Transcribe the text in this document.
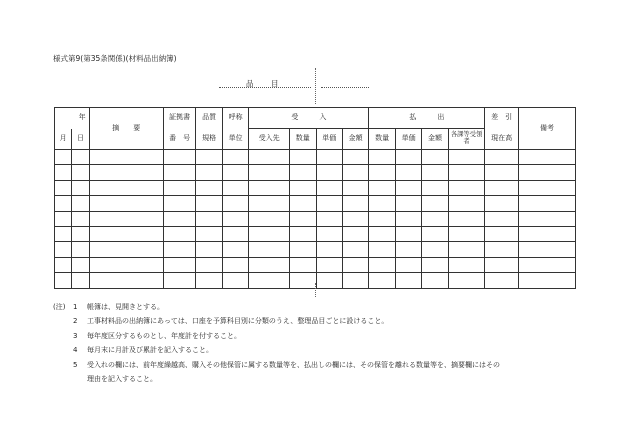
様式第9(第35条関係)(材料品出納簿)
品　目
年		摘　　要	証拠書	品質	呼称	受　　　入				払　　　出				差　引	備考
月	日		番　号	規格	単位	受入先	数量	単価	金額	数量	単価	金額	各課等受領者	現在高	

(注)	1	帳簿は、見開きとする。
2	工事材料品の出納簿にあっては、口座を予算科目別に分類のうえ、整理品目ごとに設けること。
3	毎年度区分するものとし、年度計を付すること。
4	毎月末に月計及び累計を記入すること。
5	受入れの欄には、前年度繰越高、購入その他保管に属する数量等を、払出しの欄には、その保管を離れる数量等を、摘要欄にはその
理由を記入すること。
